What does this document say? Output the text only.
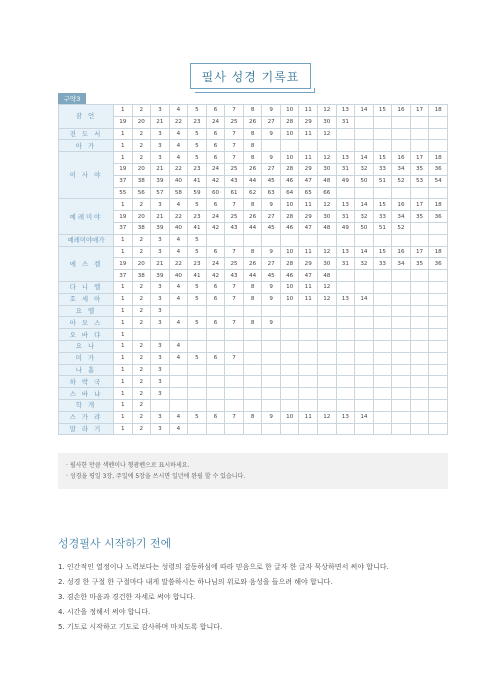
필사 성경 기록표
구약3
잠 언	1	2	3	4	5	6	7	8	9	10	11	12	13	14	15	16	17	18
	19	20	21	22	23	24	25	26	27	28	29	30	31					
전 도 서	1	2	3	4	5	6	7	8	9	10	11	12						
아 가	1	2	3	4	5	6	7	8										
이 사 야	1	2	3	4	5	6	7	8	9	10	11	12	13	14	15	16	17	18
	19	20	21	22	23	24	25	26	27	28	29	30	31	32	33	34	35	36
	37	38	39	40	41	42	43	44	45	46	47	48	49	50	51	52	53	54
	55	56	57	58	59	60	61	62	63	64	65	66						
예레미야	1	2	3	4	5	6	7	8	9	10	11	12	13	14	15	16	17	18
	19	20	21	22	23	24	25	26	27	28	29	30	31	32	33	34	35	36
	37	38	39	40	41	42	43	44	45	46	47	48	49	50	51	52		
예레미야애가	1	2	3	4	5													
에 스 겔	1	2	3	4	5	6	7	8	9	10	11	12	13	14	15	16	17	18
	19	20	21	22	23	24	25	26	27	28	29	30	31	32	33	34	35	36
	37	38	39	40	41	42	43	44	45	46	47	48						
다 니 엘	1	2	3	4	5	6	7	8	9	10	11	12						
호 세 아	1	2	3	4	5	6	7	8	9	10	11	12	13	14				
요 엘	1	2	3															
아 모 스	1	2	3	4	5	6	7	8	9									
오 바 댜	1																	
요 나	1	2	3	4														
미 가	1	2	3	4	5	6	7											
나 훔	1	2	3															
하 박 국	1	2	3															
스 바 냐	1	2	3															
학 개	1	2																
스 가 랴	1	2	3	4	5	6	7	8	9	10	11	12	13	14				
말 라 기	1	2	3	4														
· 필사한 만큼 색펜이나 형광펜으로 표시하세요.
· 성경을 평일 3장, 주일에 5장을 쓰시면 일년에 완필 할 수 있습니다.
성경필사 시작하기 전에
1. 인간적인 열정이나 노력보다는 성령의 감동하심에 따라 믿음으로 한 글자 한 글자 묵상하면서 써야 합니다.
2. 성경 한 구절 한 구절마다 내게 말씀하시는 하나님의 위로와 음성을 들으려 해야 합니다.
3. 겸손한 마음과 경건한 자세로 써야 합니다.
4. 시간을 정해서 써야 합니다.
5. 기도로 시작하고 기도로 감사하며 마치도록 합니다.
